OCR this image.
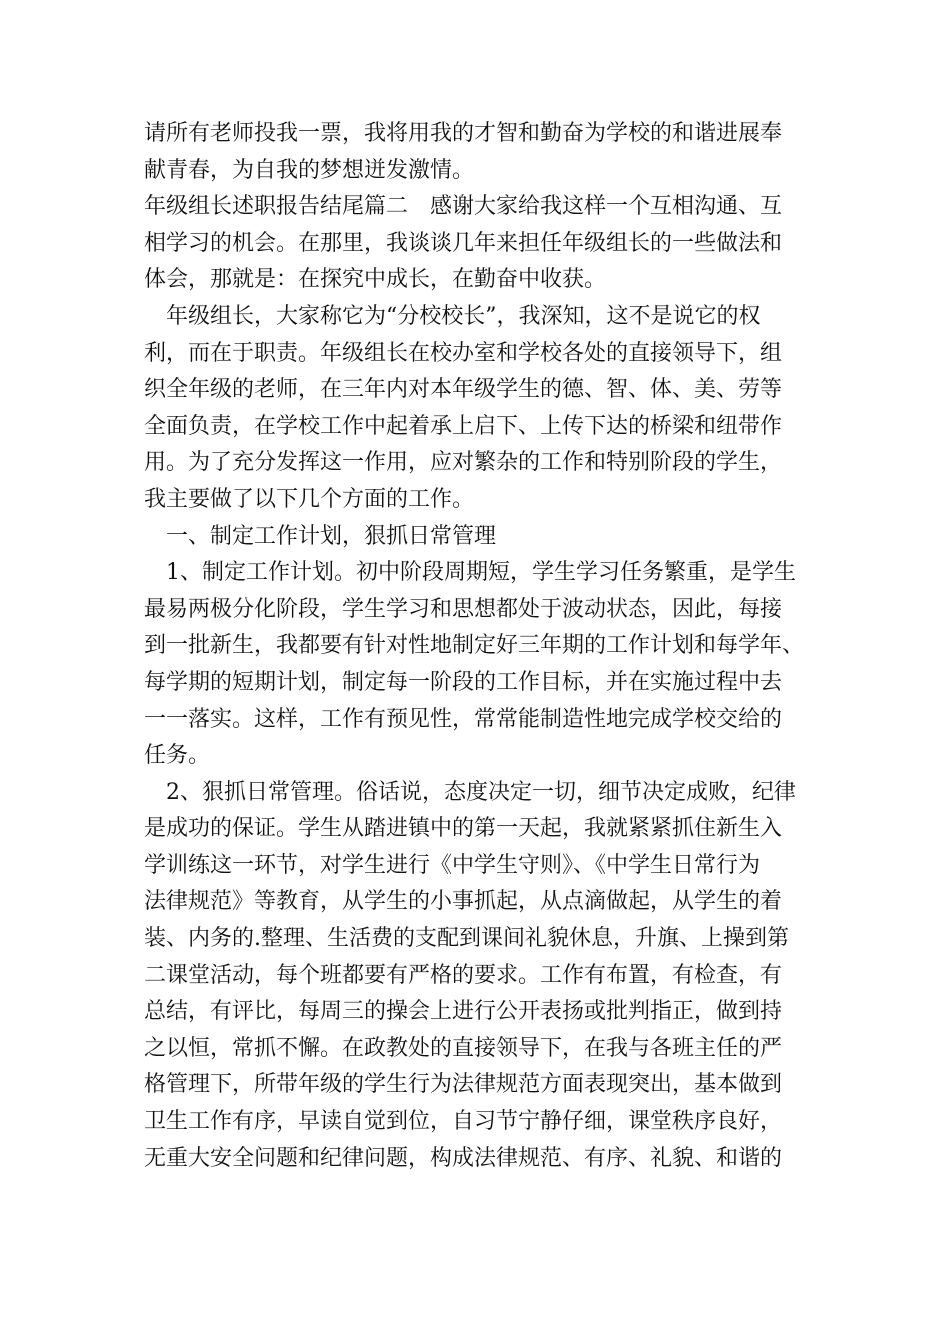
请所有老师投我一票，我将用我的才智和勤奋为学校的和谐进展奉
献青春，为自我的梦想迸发激情。
年级组长述职报告结尾篇二　感谢大家给我这样一个互相沟通、互
相学习的机会。在那里，我谈谈几年来担任年级组长的一些做法和
体会，那就是：在探究中成长，在勤奋中收获。
　年级组长，大家称它为“分校校长”，我深知，这不是说它的权
利，而在于职责。年级组长在校办室和学校各处的直接领导下，组
织全年级的老师，在三年内对本年级学生的德、智、体、美、劳等
全面负责，在学校工作中起着承上启下、上传下达的桥梁和纽带作
用。为了充分发挥这一作用，应对繁杂的工作和特别阶段的学生，
我主要做了以下几个方面的工作。
　一、制定工作计划，狠抓日常管理
　1、制定工作计划。初中阶段周期短，学生学习任务繁重，是学生
最易两极分化阶段，学生学习和思想都处于波动状态，因此，每接
到一批新生，我都要有针对性地制定好三年期的工作计划和每学年、
每学期的短期计划，制定每一阶段的工作目标，并在实施过程中去
一一落实。这样，工作有预见性，常常能制造性地完成学校交给的
任务。
　2、狠抓日常管理。俗话说，态度决定一切，细节决定成败，纪律
是成功的保证。学生从踏进镇中的第一天起，我就紧紧抓住新生入
学训练这一环节，对学生进行《中学生守则》、《中学生日常行为
法律规范》等教育，从学生的小事抓起，从点滴做起，从学生的着
装、内务的.整理、生活费的支配到课间礼貌休息，升旗、上操到第
二课堂活动，每个班都要有严格的要求。工作有布置，有检查，有
总结，有评比，每周三的操会上进行公开表扬或批判指正，做到持
之以恒，常抓不懈。在政教处的直接领导下，在我与各班主任的严
格管理下，所带年级的学生行为法律规范方面表现突出，基本做到
卫生工作有序，早读自觉到位，自习节宁静仔细，课堂秩序良好，
无重大安全问题和纪律问题，构成法律规范、有序、礼貌、和谐的
